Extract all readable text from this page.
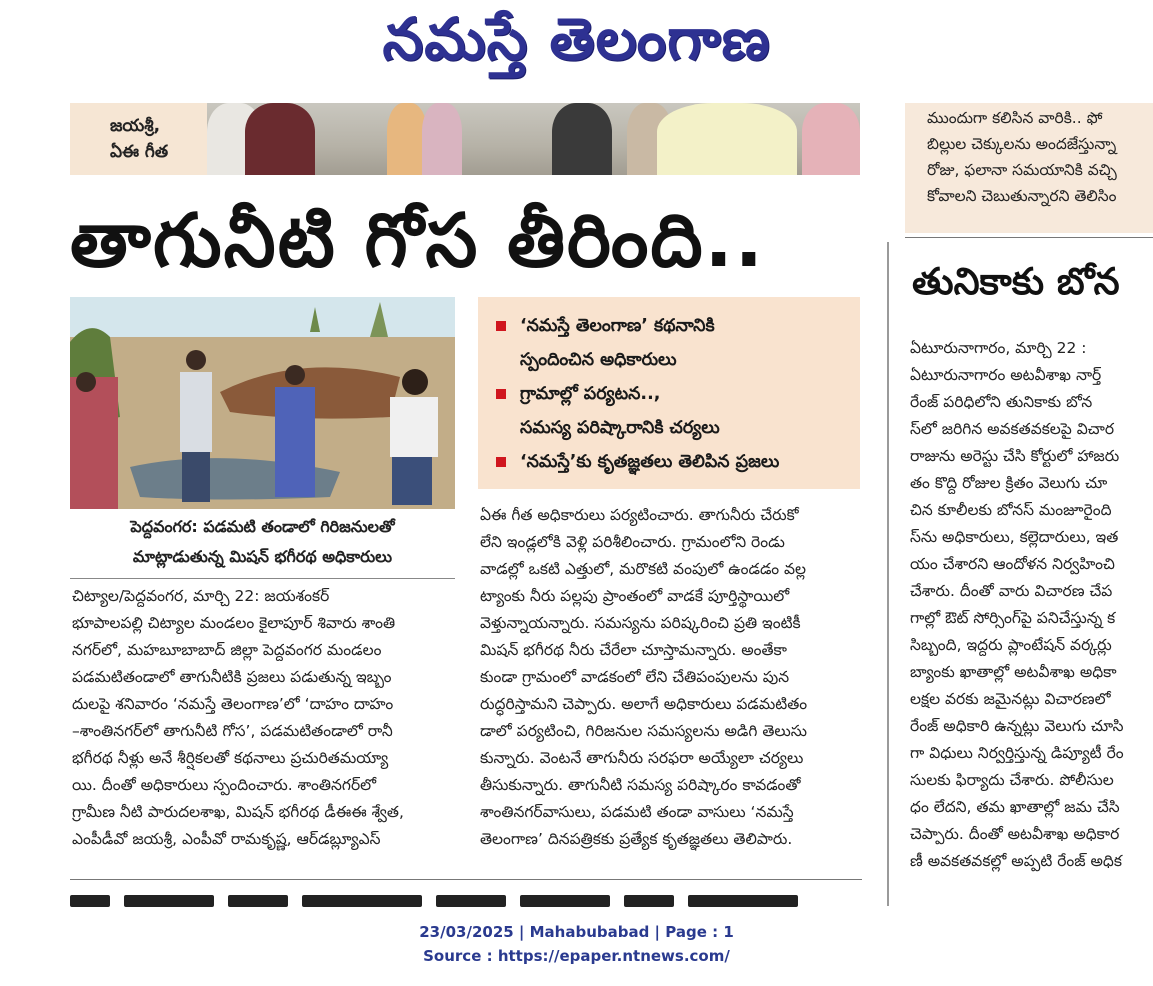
నమస్తే తెలంగాణ
జయశ్రీ,
ఏఈ గీత
ముందుగా కలిసిన వారికి.. ఫో
బిల్లుల చెక్కులను అందజేస్తున్నా
రోజు, ఫలానా సమయానికి వచ్చి
కోవాలని చెబుతున్నారని తెలిసిం
తాగునీటి గోస తీరింది..
పెద్దవంగర: పడమటి తండాలో గిరిజనులతో
మాట్లాడుతున్న మిషన్ భగీరథ అధికారులు
‘నమస్తే తెలంగాణ’ కథనానికి
స్పందించిన అధికారులు
గ్రామాల్లో పర్యటన..,
సమస్య పరిష్కారానికి చర్యలు
‘నమస్తే’కు కృతజ్ఞతలు తెలిపిన ప్రజలు
చిట్యాల/పెద్దవంగర, మార్చి 22: జయశంకర్
భూపాలపల్లి చిట్యాల మండలం కైలాపూర్ శివారు శాంతి
నగర్‌లో, మహబూబాబాద్ జిల్లా పెద్దవంగర మండలం
పడమటితండాలో తాగునీటికి ప్రజలు పడుతున్న ఇబ్బం
దులపై శనివారం ‘నమస్తే తెలంగాణ’లో ‘దాహం దాహం
–శాంతినగర్‌లో తాగునీటి గోస’, పడమటితండాలో రానీ
భగీరథ నీళ్లు అనే శీర్షికలతో కథనాలు ప్రచురితమయ్యా
యి. దీంతో అధికారులు స్పందించారు. శాంతినగర్‌లో
గ్రామీణ నీటి పారుదలశాఖ, మిషన్ భగీరథ డీఈఈ శ్వేత,
ఎంపీడీవో జయశ్రీ, ఎంపీవో రామకృష్ణ, ఆర్‌డబ్ల్యూఎస్
ఏఈ గీత అధికారులు పర్యటించారు. తాగునీరు చేరుకో
లేని ఇండ్లలోకి వెళ్లి పరిశీలించారు. గ్రామంలోని రెండు
వాడల్లో ఒకటి ఎత్తులో, మరొకటి వంపులో ఉండడం వల్ల
ట్యాంకు నీరు పల్లపు ప్రాంతంలో వాడకే పూర్తిస్థాయిలో
వెళ్తున్నాయన్నారు. సమస్యను పరిష్కరించి ప్రతి ఇంటికీ
మిషన్ భగీరథ నీరు చేరేలా చూస్తామన్నారు. అంతేకా
కుండా గ్రామంలో వాడకంలో లేని చేతిపంపులను పున
రుద్ధరిస్తామని చెప్పారు. అలాగే అధికారులు పడమటితం
డాలో పర్యటించి, గిరిజనుల సమస్యలను అడిగి తెలుసు
కున్నారు. వెంటనే తాగునీరు సరఫరా అయ్యేలా చర్యలు
తీసుకున్నారు. తాగునీటి సమస్య పరిష్కారం కావడంతో
శాంతినగర్‌వాసులు, పడమటి తండా వాసులు ‘నమస్తే
తెలంగాణ’ దినపత్రికకు ప్రత్యేక కృతజ్ఞతలు తెలిపారు.
తునికాకు బోన
ఏటూరునాగారం, మార్చి 22 :
ఏటూరునాగారం అటవీశాఖ నార్త్
రేంజ్ పరిధిలోని తునికాకు బోన
స్‌లో జరిగిన అవకతవకలపై విచార
రాజును అరెస్టు చేసి కోర్టులో హాజరు
తం కొద్ది రోజుల క్రితం వెలుగు చూ
చిన కూలీలకు బోనస్ మంజూరైంది
స్‌ను అధికారులు, కల్లెదారులు, ఇత
యం చేశారని ఆందోళన నిర్వహించి
చేశారు. దీంతో వారు విచారణ చేప
గాల్లో ఔట్ సోర్సింగ్‌పై పనిచేస్తున్న క
సిబ్బంది, ఇద్దరు ప్లాంటేషన్ వర్కర్లు
బ్యాంకు ఖాతాల్లో అటవీశాఖ అధికా
లక్షల వరకు జమైనట్లు విచారణలో
రేంజ్ అధికారి ఉన్నట్లు వెలుగు చూసి
గా విధులు నిర్వర్తిస్తున్న డిప్యూటీ రేం
సులకు ఫిర్యాదు చేశారు. పోలీసుల
ధం లేదని, తమ ఖాతాల్లో జమ చేసి
చెప్పారు. దీంతో అటవీశాఖ అధికార
ణీ అవకతవకల్లో అప్పటి రేంజ్ అధిక
23/03/2025 | Mahabubabad | Page : 1
Source : https://epaper.ntnews.com/
